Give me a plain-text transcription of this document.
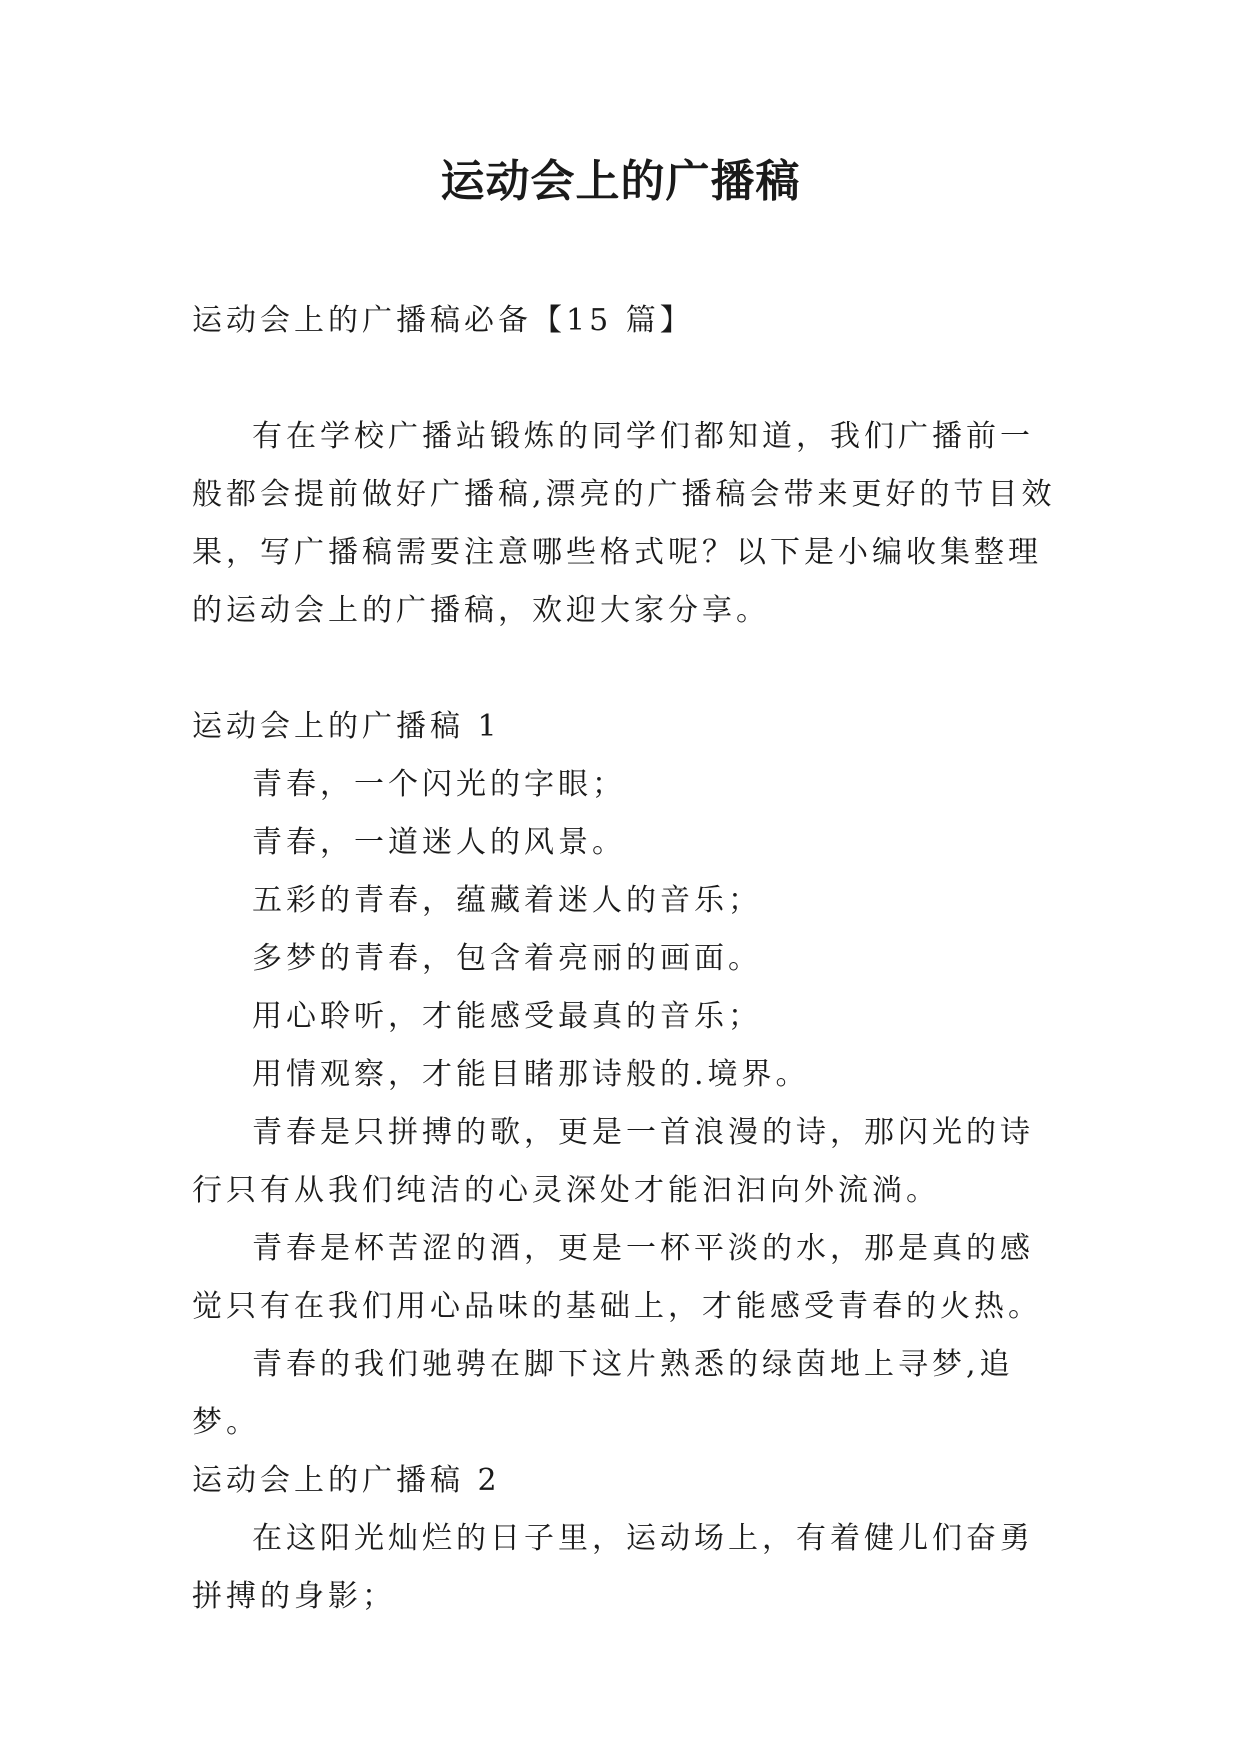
运动会上的广播稿

运动会上的广播稿必备【15 篇】

有在学校广播站锻炼的同学们都知道，我们广播前一般都会提前做好广播稿,漂亮的广播稿会带来更好的节目效果，写广播稿需要注意哪些格式呢？以下是小编收集整理的运动会上的广播稿，欢迎大家分享。

运动会上的广播稿 1

青春，一个闪光的字眼；

青春，一道迷人的风景。

五彩的青春，蕴藏着迷人的音乐；

多梦的青春，包含着亮丽的画面。

用心聆听，才能感受最真的音乐；

用情观察，才能目睹那诗般的.境界。

青春是只拼搏的歌，更是一首浪漫的诗，那闪光的诗行只有从我们纯洁的心灵深处才能汩汩向外流淌。

青春是杯苦涩的酒，更是一杯平淡的水，那是真的感觉只有在我们用心品味的基础上，才能感受青春的火热。

青春的我们驰骋在脚下这片熟悉的绿茵地上寻梦,追梦。

运动会上的广播稿 2

在这阳光灿烂的日子里，运动场上，有着健儿们奋勇拼搏的身影；
